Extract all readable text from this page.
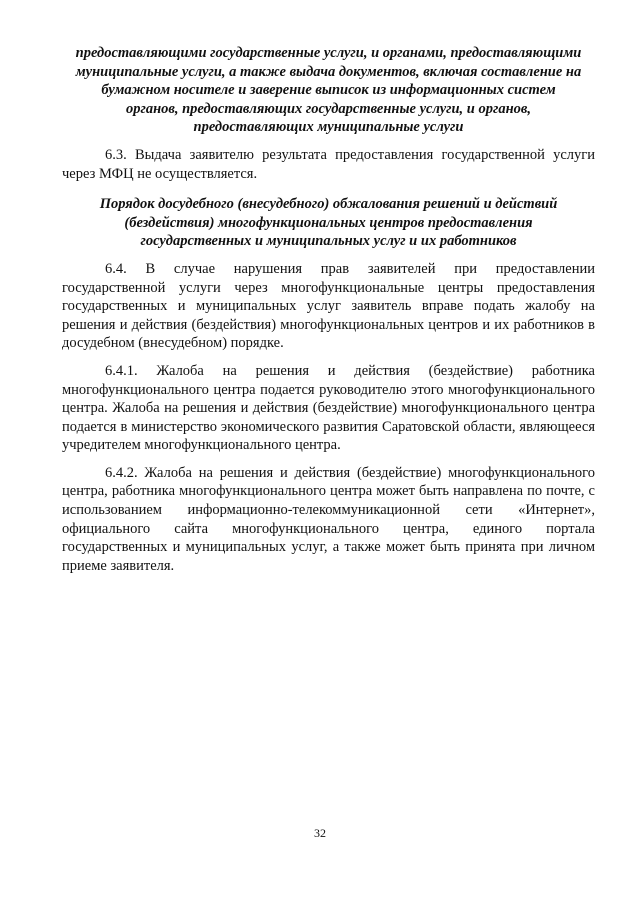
предоставляющими государственные услуги, и органами, предоставляющими
муниципальные услуги, а также выдача документов, включая составление на
бумажном носителе и заверение выписок из информационных систем
органов, предоставляющих государственные услуги, и органов,
предоставляющих муниципальные услуги

6.3. Выдача заявителю результата предоставления государственной услуги через МФЦ не осуществляется.

Порядок досудебного (внесудебного) обжалования решений и действий
(бездействия) многофункциональных центров предоставления
государственных и муниципальных услуг и их работников

6.4. В случае нарушения прав заявителей при предоставлении государственной услуги через многофункциональные центры предоставления государственных и муниципальных услуг заявитель вправе подать жалобу на решения и действия (бездействия) многофункциональных центров и их работников в досудебном (внесудебном) порядке.

6.4.1. Жалоба на решения и действия (бездействие) работника многофункционального центра подается руководителю этого многофункционального центра. Жалоба на решения и действия (бездействие) многофункционального центра подается в министерство экономического развития Саратовской области, являющееся учредителем многофункционального центра.

6.4.2. Жалоба на решения и действия (бездействие) многофункционального центра, работника многофункционального центра может быть направлена по почте, с использованием информационно-телекоммуникационной сети «Интернет», официального сайта многофункционального центра, единого портала государственных и муниципальных услуг, а также может быть принята при личном приеме заявителя.

32
